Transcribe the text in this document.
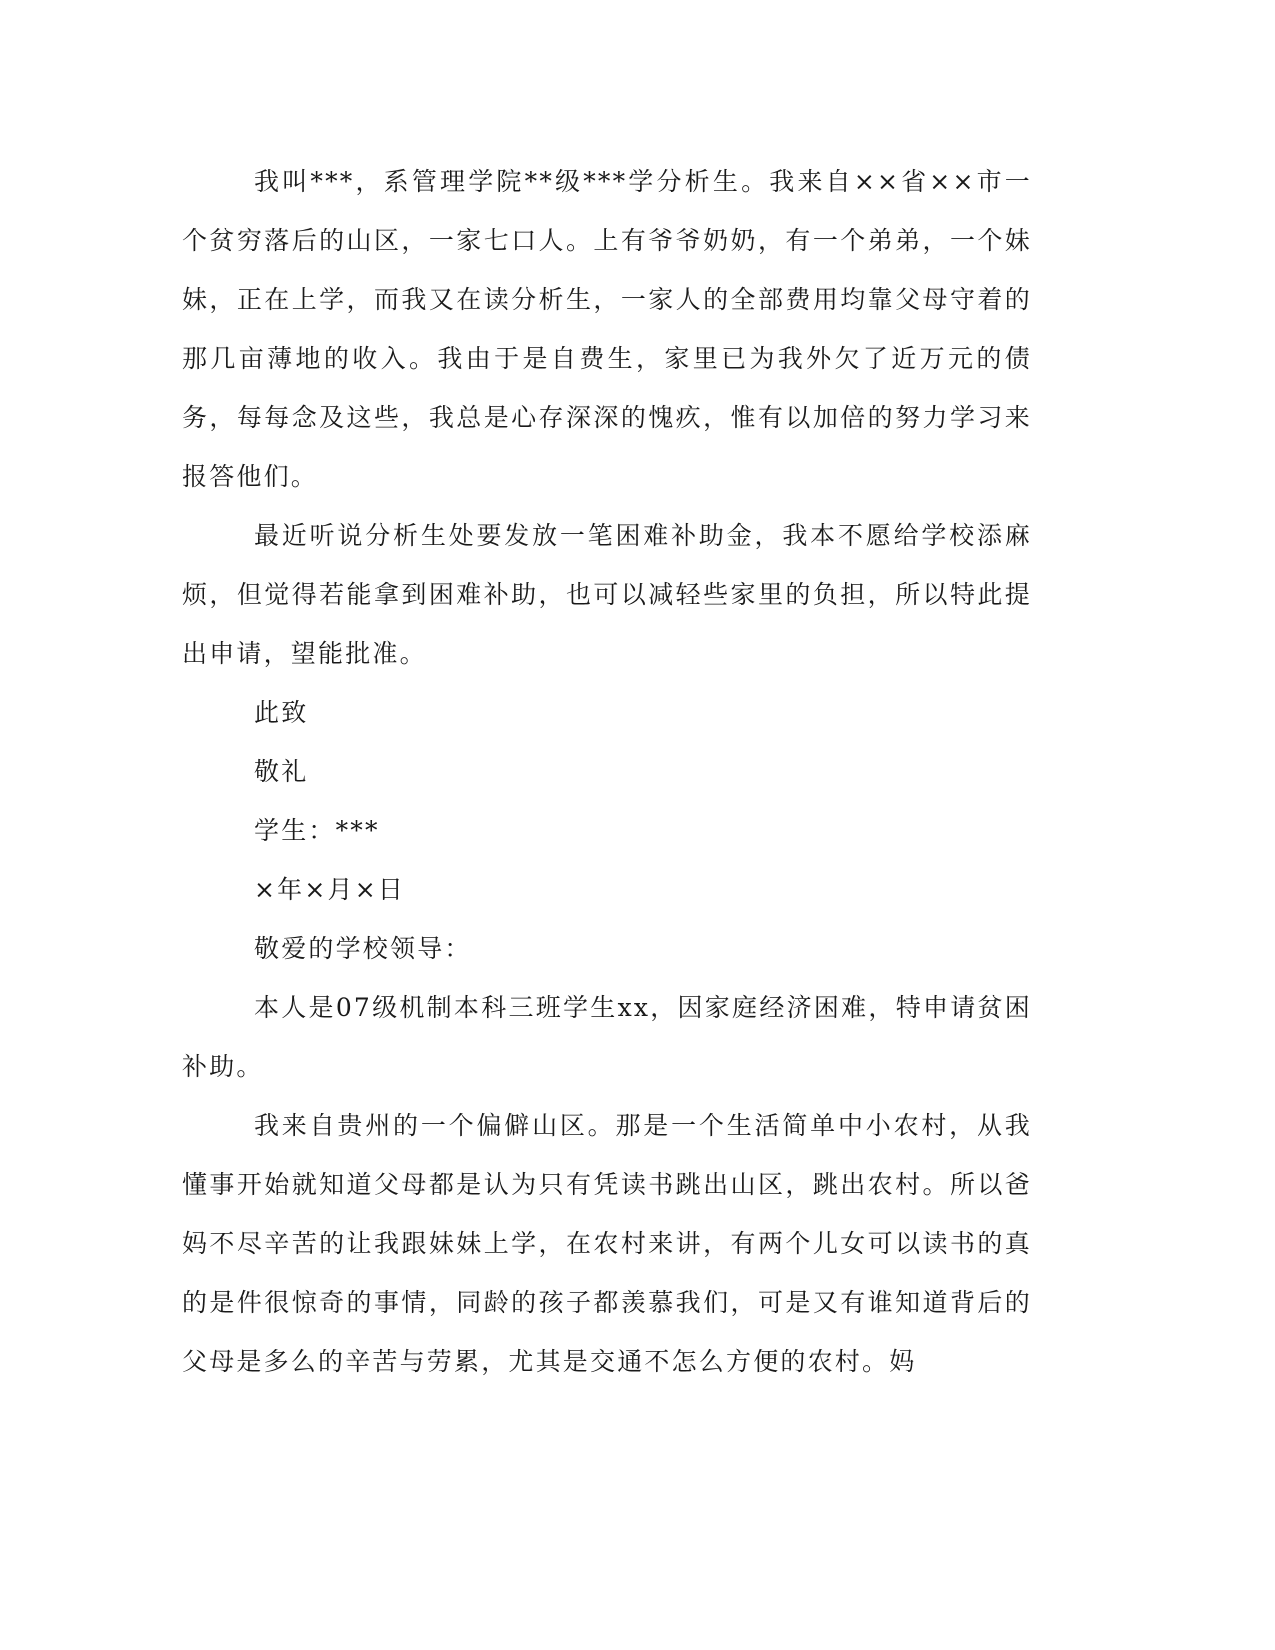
我叫***，系管理学院**级***学分析生。我来自××省××市一个贫穷落后的山区，一家七口人。上有爷爷奶奶，有一个弟弟，一个妹妹，正在上学，而我又在读分析生，一家人的全部费用均靠父母守着的那几亩薄地的收入。我由于是自费生，家里已为我外欠了近万元的债务，每每念及这些，我总是心存深深的愧疚，惟有以加倍的努力学习来报答他们。

最近听说分析生处要发放一笔困难补助金，我本不愿给学校添麻烦，但觉得若能拿到困难补助，也可以减轻些家里的负担，所以特此提出申请，望能批准。

此致

敬礼

学生：***

×年×月×日

敬爱的学校领导：

本人是07级机制本科三班学生xx，因家庭经济困难，特申请贫困补助。

我来自贵州的一个偏僻山区。那是一个生活简单中小农村，从我懂事开始就知道父母都是认为只有凭读书跳出山区，跳出农村。所以爸妈不尽辛苦的让我跟妹妹上学，在农村来讲，有两个儿女可以读书的真的是件很惊奇的事情，同龄的孩子都羡慕我们，可是又有谁知道背后的父母是多么的辛苦与劳累，尤其是交通不怎么方便的农村。妈
